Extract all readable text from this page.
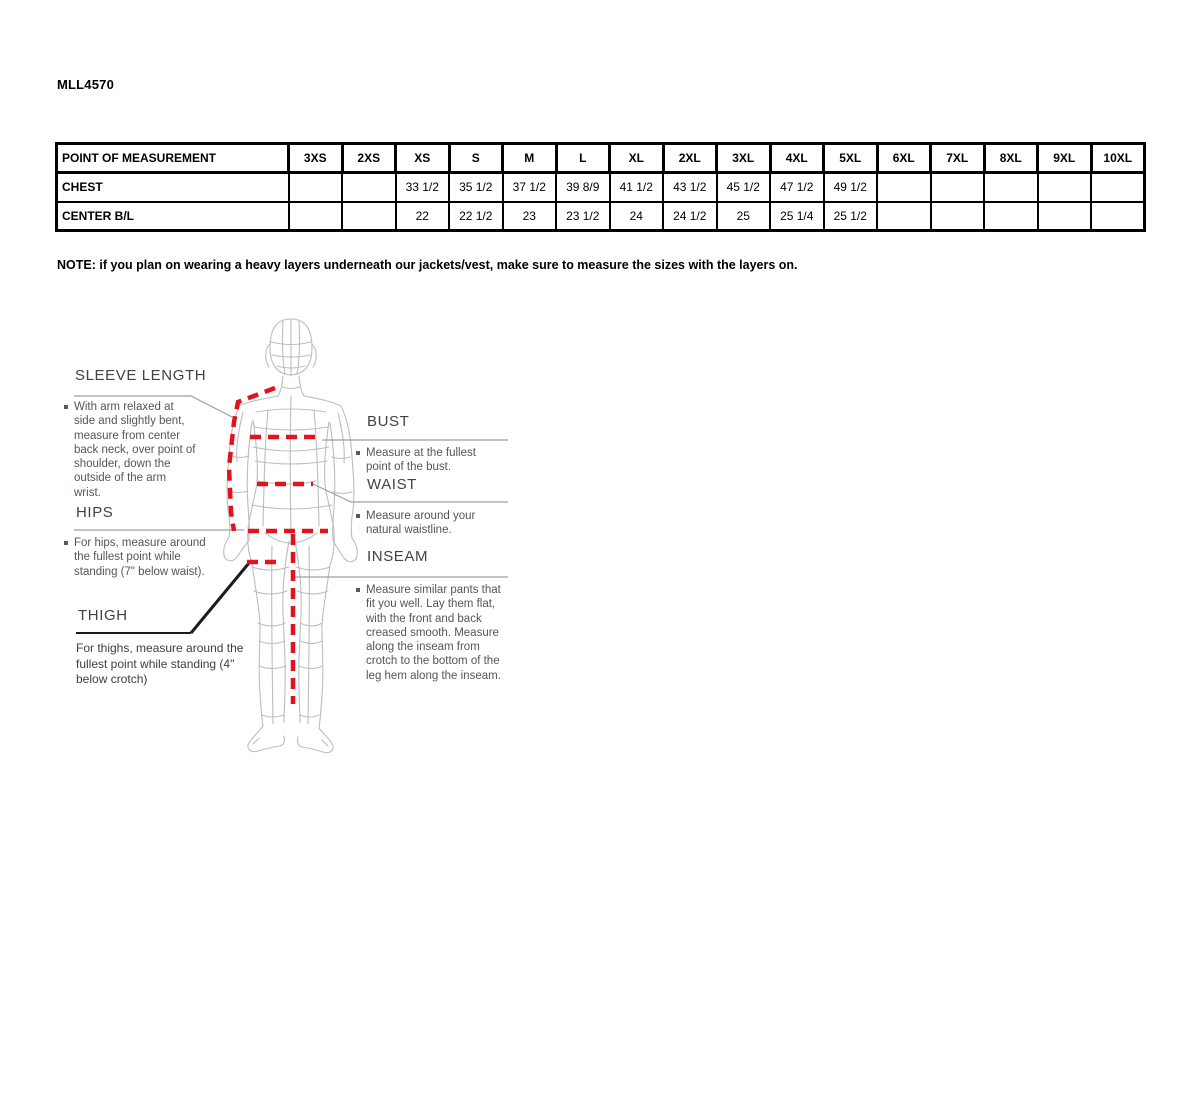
MLL4570
POINT OF MEASUREMENT	3XS	2XS	XS	S	M	L	XL	2XL	3XL	4XL	5XL	6XL	7XL	8XL	9XL	10XL
CHEST			33 1/2	35 1/2	37 1/2	39 8/9	41 1/2	43 1/2	45 1/2	47 1/2	49 1/2					
CENTER B/L			22	22 1/2	23	23 1/2	24	24 1/2	25	25 1/4	25 1/2					
NOTE: if you plan on wearing a heavy layers underneath our jackets/vest, make sure to measure the sizes with the layers on.
SLEEVE LENGTH

With arm relaxed at side and slightly bent, measure from center back neck, over point of shoulder, down the outside of the arm wrist.

HIPS

For hips, measure around the fullest point while standing (7" below waist).

THIGH

For thighs, measure around the fullest point while standing (4" below crotch)

BUST

Measure at the fullest point of the bust.

WAIST

Measure around your natural waistline.

INSEAM

Measure similar pants that fit you well. Lay them flat, with the front and back creased smooth. Measure along the inseam from crotch to the bottom of the leg hem along the inseam.
